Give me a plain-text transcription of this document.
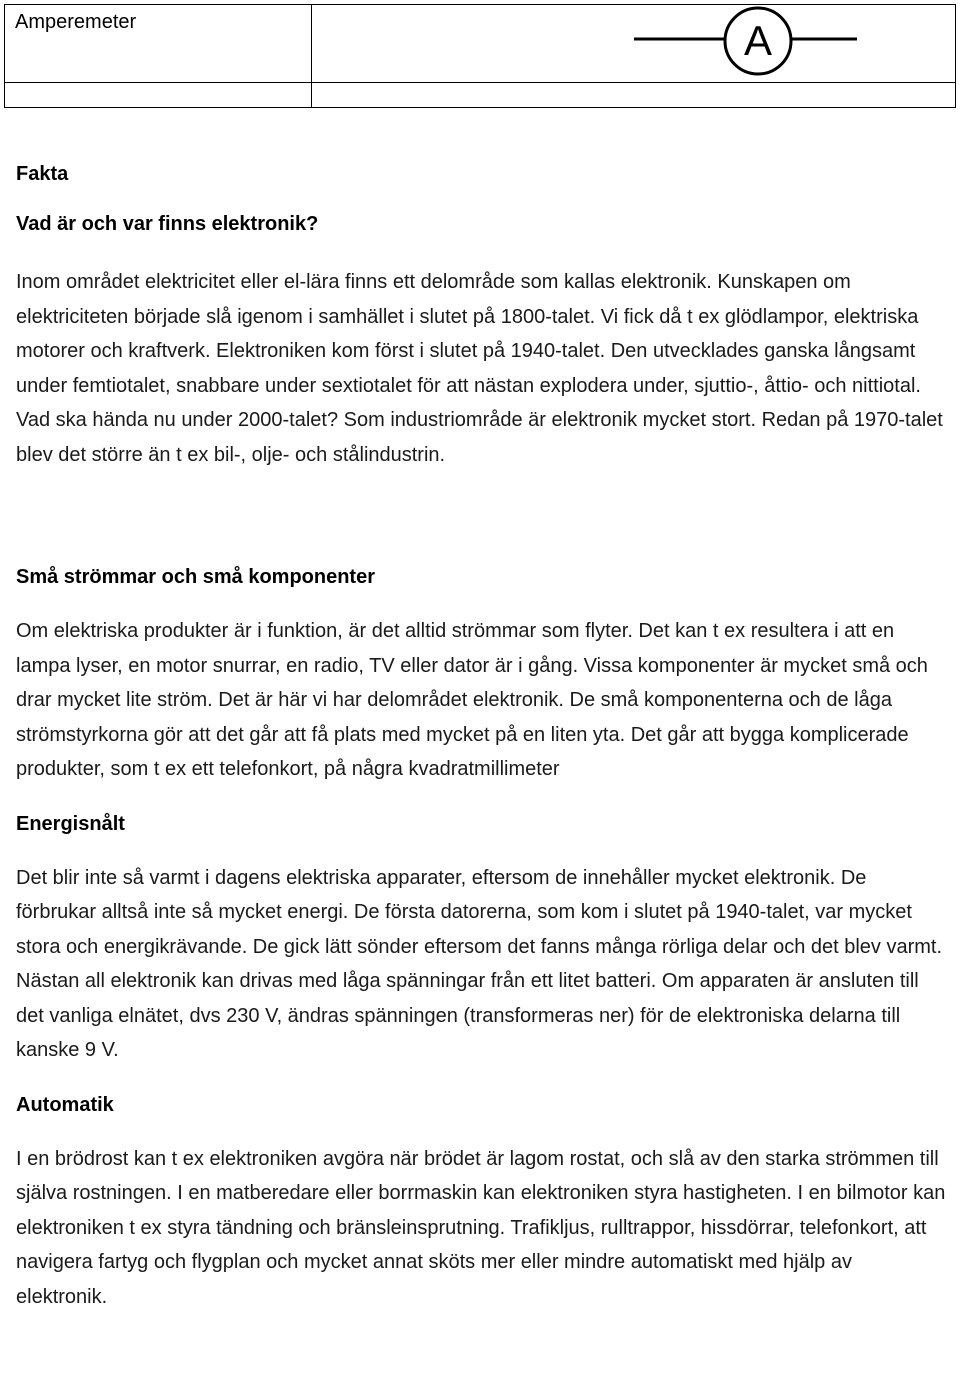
Amperemeter	A

Fakta

Vad är och var finns elektronik?

Inom området elektricitet eller el-lära finns ett delområde som kallas elektronik. Kunskapen om elektriciteten började slå igenom i samhället i slutet på 1800-talet. Vi fick då t ex glödlampor, elektriska motorer och kraftverk. Elektroniken kom först i slutet på 1940-talet. Den utvecklades ganska långsamt under femtiotalet, snabbare under sextiotalet för att nästan explodera under, sjuttio-, åttio- och nittiotal. Vad ska hända nu under 2000-talet? Som industriområde är elektronik mycket stort. Redan på 1970-talet blev det större än t ex bil-, olje- och stålindustrin.

Små strömmar och små komponenter

Om elektriska produkter är i funktion, är det alltid strömmar som flyter. Det kan t ex resultera i att en lampa lyser, en motor snurrar, en radio, TV eller dator är i gång. Vissa komponenter är mycket små och drar mycket lite ström. Det är här vi har delområdet elektronik. De små komponenterna och de låga strömstyrkorna gör att det går att få plats med mycket på en liten yta. Det går att bygga komplicerade produkter, som t ex ett telefonkort, på några kvadratmillimeter

Energisnålt

Det blir inte så varmt i dagens elektriska apparater, eftersom de innehåller mycket elektronik. De förbrukar alltså inte så mycket energi. De första datorerna, som kom i slutet på 1940-talet, var mycket stora och energikrävande. De gick lätt sönder eftersom det fanns många rörliga delar och det blev varmt. Nästan all elektronik kan drivas med låga spänningar från ett litet batteri. Om apparaten är ansluten till det vanliga elnätet, dvs 230 V, ändras spänningen (transformeras ner) för de elektroniska delarna till kanske 9 V.

Automatik

I en brödrost kan t ex elektroniken avgöra när brödet är lagom rostat, och slå av den starka strömmen till själva rostningen. I en matberedare eller borrmaskin kan elektroniken styra hastigheten. I en bilmotor kan elektroniken t ex styra tändning och bränsleinsprutning. Trafikljus, rulltrappor, hissdörrar, telefonkort, att navigera fartyg och flygplan och mycket annat sköts mer eller mindre automatiskt med hjälp av elektronik.
